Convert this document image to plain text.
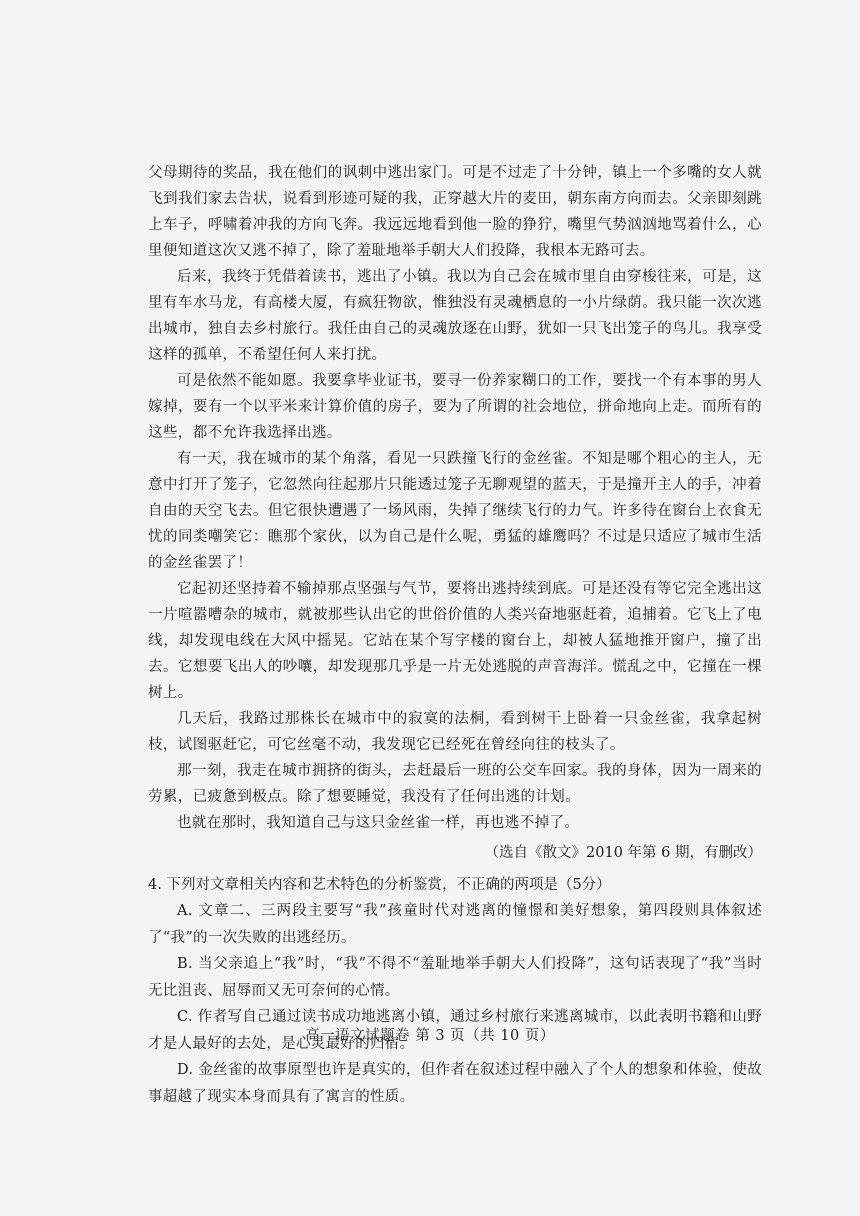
父母期待的奖品，我在他们的讽刺中逃出家门。可是不过走了十分钟，镇上一个多嘴的女人就飞到我们家去告状，说看到形迹可疑的我，正穿越大片的麦田，朝东南方向而去。父亲即刻跳上车子，呼啸着冲我的方向飞奔。我远远地看到他一脸的狰狞，嘴里气势汹汹地骂着什么，心里便知道这次又逃不掉了，除了羞耻地举手朝大人们投降，我根本无路可去。

后来，我终于凭借着读书，逃出了小镇。我以为自己会在城市里自由穿梭往来，可是，这里有车水马龙，有高楼大厦，有疯狂物欲，惟独没有灵魂栖息的一小片绿荫。我只能一次次逃出城市，独自去乡村旅行。我任由自己的灵魂放逐在山野，犹如一只飞出笼子的鸟儿。我享受这样的孤单，不希望任何人来打扰。

可是依然不能如愿。我要拿毕业证书，要寻一份养家糊口的工作，要找一个有本事的男人嫁掉，要有一个以平米来计算价值的房子，要为了所谓的社会地位，拼命地向上走。而所有的这些，都不允许我选择出逃。

有一天，我在城市的某个角落，看见一只跌撞飞行的金丝雀。不知是哪个粗心的主人，无意中打开了笼子，它忽然向往起那片只能透过笼子无聊观望的蓝天，于是撞开主人的手，冲着自由的天空飞去。但它很快遭遇了一场风雨，失掉了继续飞行的力气。许多待在窗台上衣食无忧的同类嘲笑它：瞧那个家伙，以为自己是什么呢，勇猛的雄鹰吗？不过是只适应了城市生活的金丝雀罢了！

它起初还坚持着不输掉那点坚强与气节，要将出逃持续到底。可是还没有等它完全逃出这一片喧嚣嘈杂的城市，就被那些认出它的世俗价值的人类兴奋地驱赶着，追捕着。它飞上了电线，却发现电线在大风中摇晃。它站在某个写字楼的窗台上，却被人猛地推开窗户，撞了出去。它想要飞出人的吵嚷，却发现那几乎是一片无处逃脱的声音海洋。慌乱之中，它撞在一棵树上。

几天后，我路过那株长在城市中的寂寞的法桐，看到树干上卧着一只金丝雀，我拿起树枝，试图驱赶它，可它丝毫不动，我发现它已经死在曾经向往的枝头了。

那一刻，我走在城市拥挤的街头，去赶最后一班的公交车回家。我的身体，因为一周来的劳累，已疲惫到极点。除了想要睡觉，我没有了任何出逃的计划。

也就在那时，我知道自己与这只金丝雀一样，再也逃不掉了。

（选自《散文》2010 年第 6 期，有删改）

4. 下列对文章相关内容和艺术特色的分析鉴赏，不正确的两项是（5分）

A. 文章二、三两段主要写“我”孩童时代对逃离的憧憬和美好想象，第四段则具体叙述了“我”的一次失败的出逃经历。

B. 当父亲追上“我”时，“我”不得不“羞耻地举手朝大人们投降”，这句话表现了“我”当时无比沮丧、屈辱而又无可奈何的心情。

C. 作者写自己通过读书成功地逃离小镇，通过乡村旅行来逃离城市，以此表明书籍和山野才是人最好的去处，是心灵最好的归宿。

D. 金丝雀的故事原型也许是真实的，但作者在叙述过程中融入了个人的想象和体验，使故事超越了现实本身而具有了寓言的性质。

高一语文试题卷 第 3 页（共 10 页）
